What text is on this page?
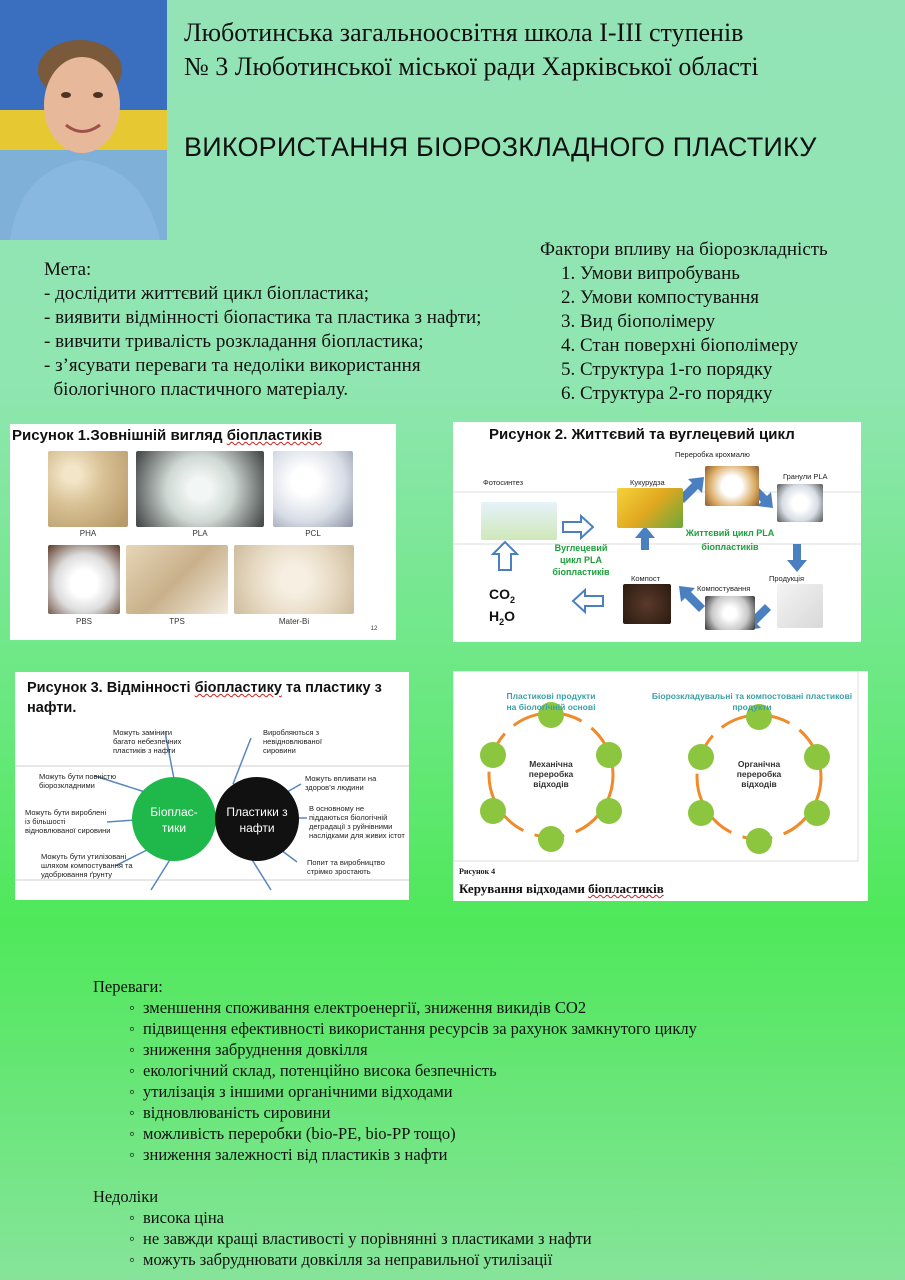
Люботинська загальноосвітня школа І-ІІІ ступенів
№ 3 Люботинської міської ради Харківської області
ВИКОРИСТАННЯ БІОРОЗКЛАДНОГО ПЛАСТИКУ
Фактори впливу на біорозкладність
1. Умови випробувань
2. Умови компостування
3. Вид біополімеру
4. Стан поверхні біополімеру
5. Структура 1-го порядку
6. Структура 2-го порядку
Мета:
- дослідити життєвий цикл біопластика;
- виявити відмінності біопастика та пластика з нафти;
- вивчити тривалість розкладання біопластика;
- з’ясувати переваги та недоліки використання
біологічного пластичного матеріалу.
Рисунок 1.Зовнішній вигляд біопластиків
PHA	PLA	PCL
PBS	TPS	Mater-Bi
12
Рисунок 2. Життєвий та вуглецевий цикл
Фотосинтез	Кукурудза
Переробка крохмалю
Гранули PLA
Вуглецевий цикл PLA біопластиків
Життєвий цикл PLA біопластиків
$CO_2$
$H_2O$
Компост
Компостування
Продукція
Рисунок 3. Відмінності біопластику та пластику з
нафти.
Біоплас-тики
Пластики з нафти
Можуть замінити багато небезпечних пластиків з нафти
Можуть бути повністю біорозкладними
Можуть бути вироблені із більшості відновлюваної сировини
Можуть бути утилізовані шляхом компостування та удобрювання ґрунту
Виробляються з невідновлюваної сировини
Можуть впливати на здоров’я людини
В основному не піддаються біологічній деградації з руйнівними наслідками для живих істот
Попит та виробництво стрімко зростають
Пластикові продукти на біологічній основі
Біорозкладувальні та компостовані пластикові продукти
Механічна переробка відходів
Органічна переробка відходів
Рисунок 4
Керування відходами біопластиків
Переваги:
◦ зменшення споживання електроенергії, зниження викидів CO2
◦ підвищення ефективності використання ресурсів за рахунок замкнутого циклу
◦ зниження забруднення довкілля
◦ екологічний склад, потенційно висока безпечність
◦ утилізація з іншими органічними відходами
◦ відновлюваність сировини
◦ можливість переробки (bio-PE, bio-PP тощо)
◦ зниження залежності від пластиків з нафти
Недоліки
◦ висока ціна
◦ не завжди кращі властивості у порівнянні з пластиками з нафти
◦ можуть забруднювати довкілля за неправильної утилізації
